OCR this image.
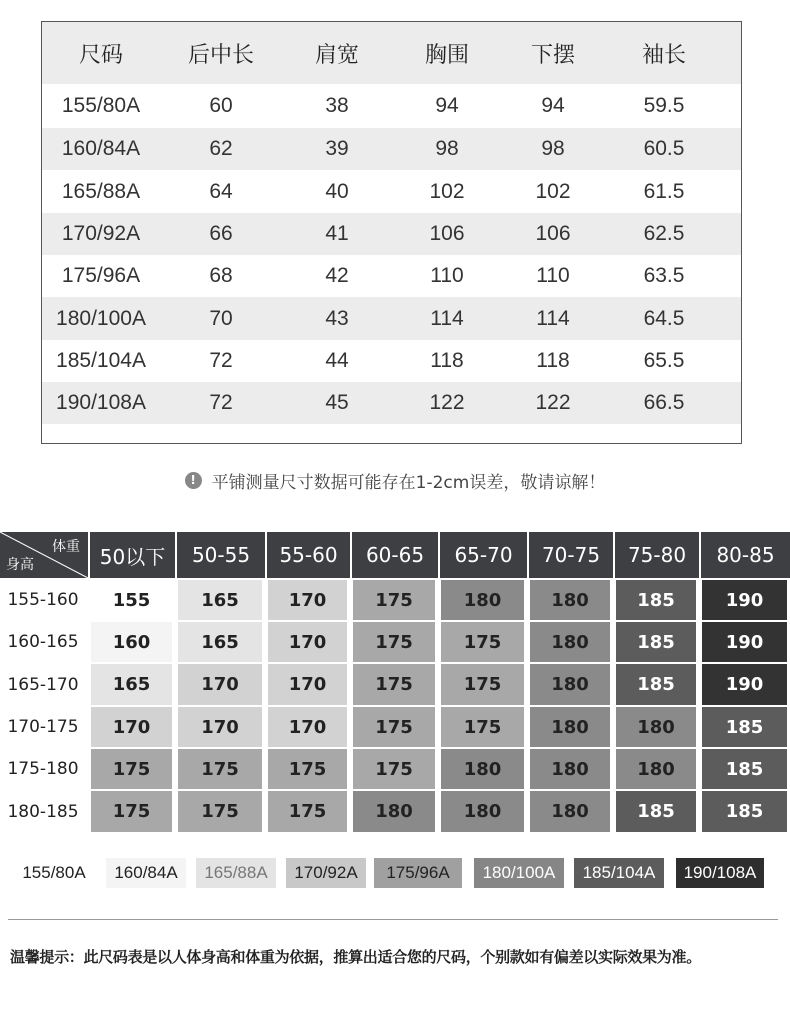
尺码	后中长	肩宽	胸围	下摆	袖长
155/80A	60	38	94	94	59.5
160/84A	62	39	98	98	60.5
165/88A	64	40	102	102	61.5
170/92A	66	41	106	106	62.5
175/96A	68	42	110	110	63.5
180/100A	70	43	114	114	64.5
185/104A	72	44	118	118	65.5
190/108A	72	45	122	122	66.5
! 平铺测量尺寸数据可能存在1-2cm误差，敬请谅解！
体重
身高	50以下	50-55	55-60	60-65	65-70	70-75	75-80	80-85
155-160	155	165	170	175	180	180	185	190
160-165	160	165	170	175	175	180	185	190
165-170	165	170	170	175	175	180	185	190
170-175	170	170	170	175	175	180	180	185
175-180	175	175	175	175	180	180	180	185
180-185	175	175	175	180	180	180	185	185
155/80A	160/84A	165/88A	170/92A	175/96A	180/100A	185/104A	190/108A
温馨提示：此尺码表是以人体身高和体重为依据，推算出适合您的尺码，个别款如有偏差以实际效果为准。
